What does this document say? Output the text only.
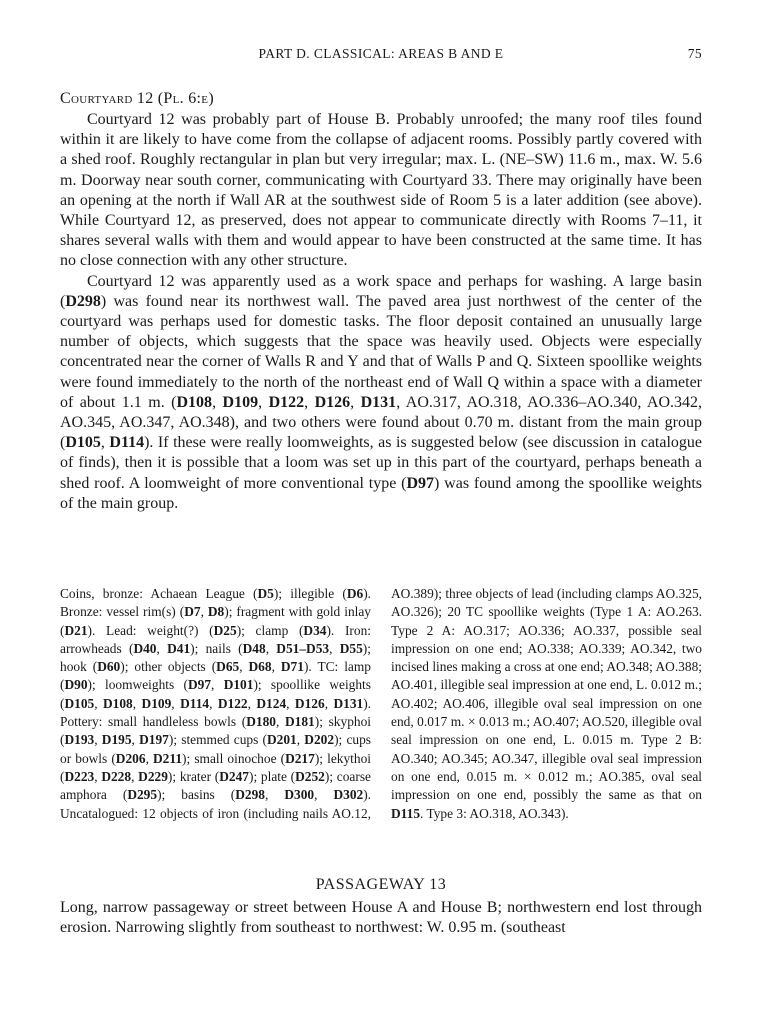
PART D. CLASSICAL: AREAS B AND E	75
Courtyard 12 (Pl. 6:e)

Courtyard 12 was probably part of House B. Probably unroofed; the many roof tiles found within it are likely to have come from the collapse of adjacent rooms. Possibly partly covered with a shed roof. Roughly rectangular in plan but very irregular; max. L. (NE–SW) 11.6 m., max. W. 5.6 m. Doorway near south corner, communicating with Courtyard 33. There may originally have been an opening at the north if Wall AR at the southwest side of Room 5 is a later addition (see above). While Courtyard 12, as preserved, does not appear to communicate directly with Rooms 7–11, it shares several walls with them and would appear to have been constructed at the same time. It has no close connection with any other structure.

Courtyard 12 was apparently used as a work space and perhaps for washing. A large basin (D298) was found near its northwest wall. The paved area just northwest of the center of the courtyard was perhaps used for domestic tasks. The floor deposit contained an unusually large number of objects, which suggests that the space was heavily used. Objects were especially concentrated near the corner of Walls R and Y and that of Walls P and Q. Sixteen spoollike weights were found immediately to the north of the northeast end of Wall Q within a space with a diameter of about 1.1 m. (D108, D109, D122, D126, D131, AO.317, AO.318, AO.336–AO.340, AO.342, AO.345, AO.347, AO.348), and two others were found about 0.70 m. distant from the main group (D105, D114). If these were really loomweights, as is suggested below (see discussion in catalogue of finds), then it is possible that a loom was set up in this part of the courtyard, perhaps beneath a shed roof. A loomweight of more conventional type (D97) was found among the spoollike weights of the main group.

Coins, bronze: Achaean League (D5); illegible (D6). Bronze: vessel rim(s) (D7, D8); fragment with gold inlay (D21). Lead: weight(?) (D25); clamp (D34). Iron: arrowheads (D40, D41); nails (D48, D51–D53, D55); hook (D60); other objects (D65, D68, D71). TC: lamp (D90); loomweights (D97, D101); spoollike weights (D105, D108, D109, D114, D122, D124, D126, D131). Pottery: small handleless bowls (D180, D181); skyphoi (D193, D195, D197); stemmed cups (D201, D202); cups or bowls (D206, D211); small oinochoe (D217); lekythoi (D223, D228, D229); krater (D247); plate (D252); coarse amphora (D295); basins (D298, D300, D302). Uncatalogued: 12 objects of iron (including nails AO.12, AO.389); three objects of lead (including clamps AO.325, AO.326); 20 TC spoollike weights (Type 1 A: AO.263. Type 2 A: AO.317; AO.336; AO.337, possible seal impression on one end; AO.338; AO.339; AO.342, two incised lines making a cross at one end; AO.348; AO.388; AO.401, illegible seal impression at one end, L. 0.012 m.; AO.402; AO.406, illegible oval seal impression on one end, 0.017 m. × 0.013 m.; AO.407; AO.520, illegible oval seal impression on one end, L. 0.015 m. Type 2 B: AO.340; AO.345; AO.347, illegible oval seal impression on one end, 0.015 m. × 0.012 m.; AO.385, oval seal impression on one end, possibly the same as that on D115. Type 3: AO.318, AO.343).

PASSAGEWAY 13

Long, narrow passageway or street between House A and House B; northwestern end lost through erosion. Narrowing slightly from southeast to northwest: W. 0.95 m. (southeast
